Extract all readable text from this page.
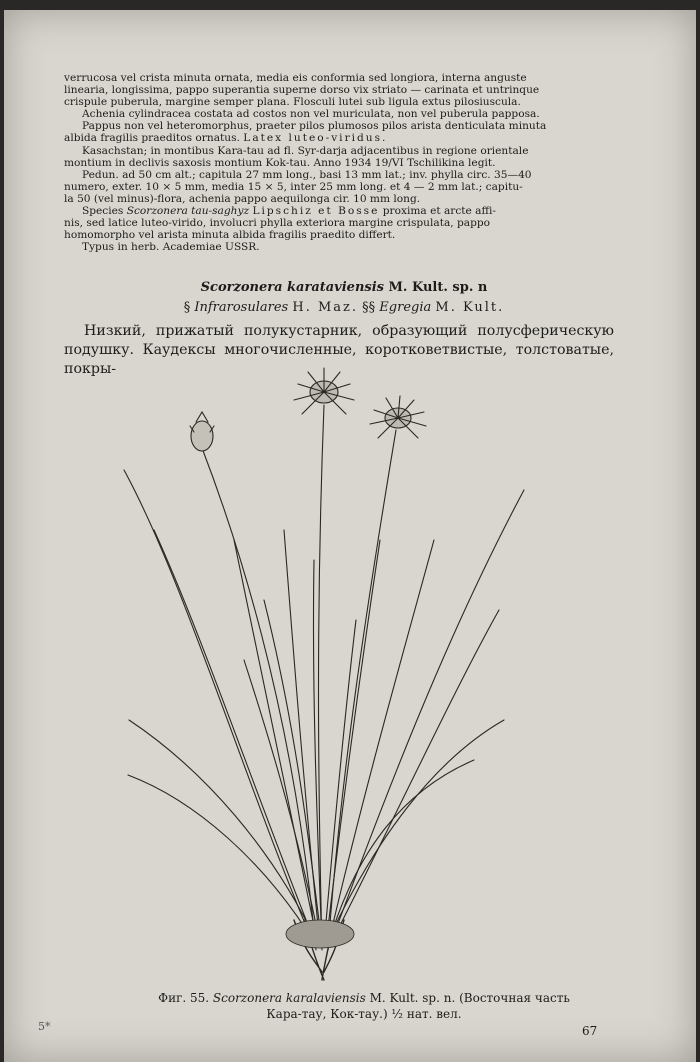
verrucosa vel crista minuta ornata, media eis conformia sed longiora, interna anguste

linearia, longissima, pappo superantia superne dorso vix striato — carinata et untrinque

crispule puberula, margine semper plana. Flosculi lutei sub ligula extus pilosiuscula.

Achenia cylindracea costata ad costos non vel muriculata, non vel puberula papposa.

Pappus non vel heteromorphus, praeter pilos plumosos pilos arista denticulata minuta

albida fragilis praeditos ornatus. Latex luteo-viridus.

Kasachstan; in montibus Kara-tau ad fl. Syr-darja adjacentibus in regione orientale

montium in declivis saxosis montium Kok-tau. Anno 1934 19/VI Tschilikina legit.

Pedun. ad 50 cm alt.; capitula 27 mm long., basi 13 mm lat.; inv. phylla circ. 35—40

numero, exter. 10 × 5 mm, media 15 × 5, inter 25 mm long. et 4 — 2 mm lat.; capitu-

la 50 (vel minus)-flora, achenia pappo aequilonga cir. 10 mm long.

Species Scorzonera tau-saghyz Lipschiz et Bosse proxima et arcte affi-

nis, sed latice luteo-virido, involucri phylla exteriora margine crispulata, pappo

homomorpho vel arista minuta albida fragilis praedito differt.

Typus in herb. Academiae USSR.

Scorzonera karataviensis M. Kult. sp. n
§ Infrarosulares H. Maz. §§ Egregia M. Kult.

Низкий, прижатый полукустарник, образующий полусферическую подушку. Каудексы многочисленные, коротковетвистые, толстоватые, покры-

Фиг. 55. Scorzonera karalaviensis M. Kult. sp. n. (Восточная часть
Кара-тау, Кок-тау.) ½ нат. вел.
5*	67
